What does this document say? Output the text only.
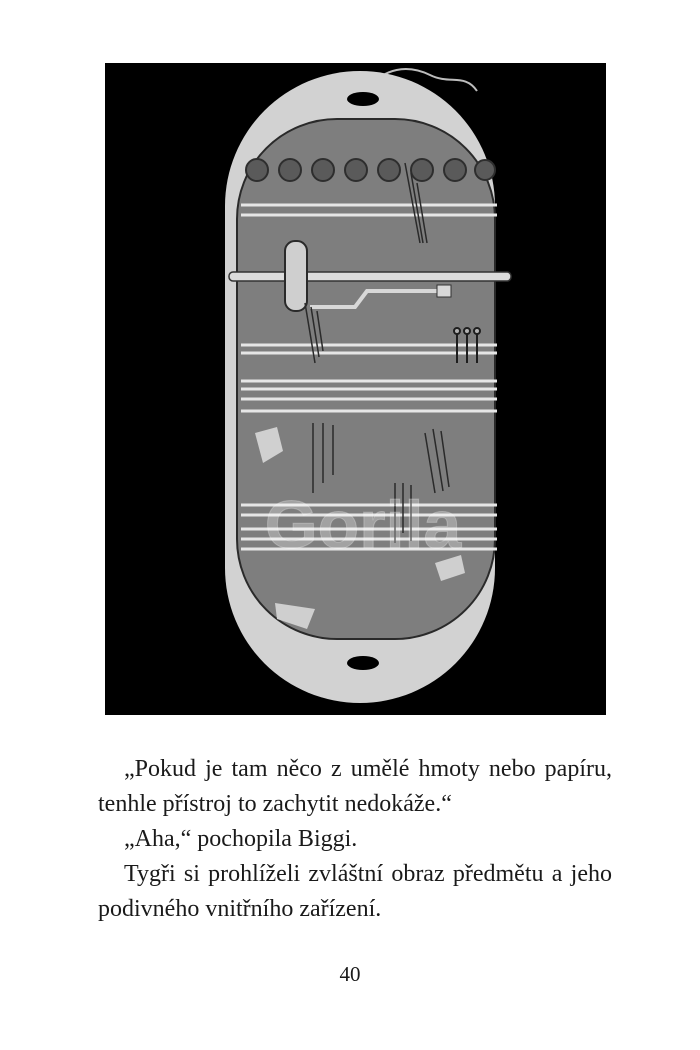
Gorila

„Pokud je tam něco z umělé hmoty nebo papíru, tenhle přístroj to zachytit nedokáže.“

„Aha,“ pochopila Biggi.

Tygři si prohlíželi zvláštní obraz předmětu a jeho podivného vnitřního zařízení.

40
